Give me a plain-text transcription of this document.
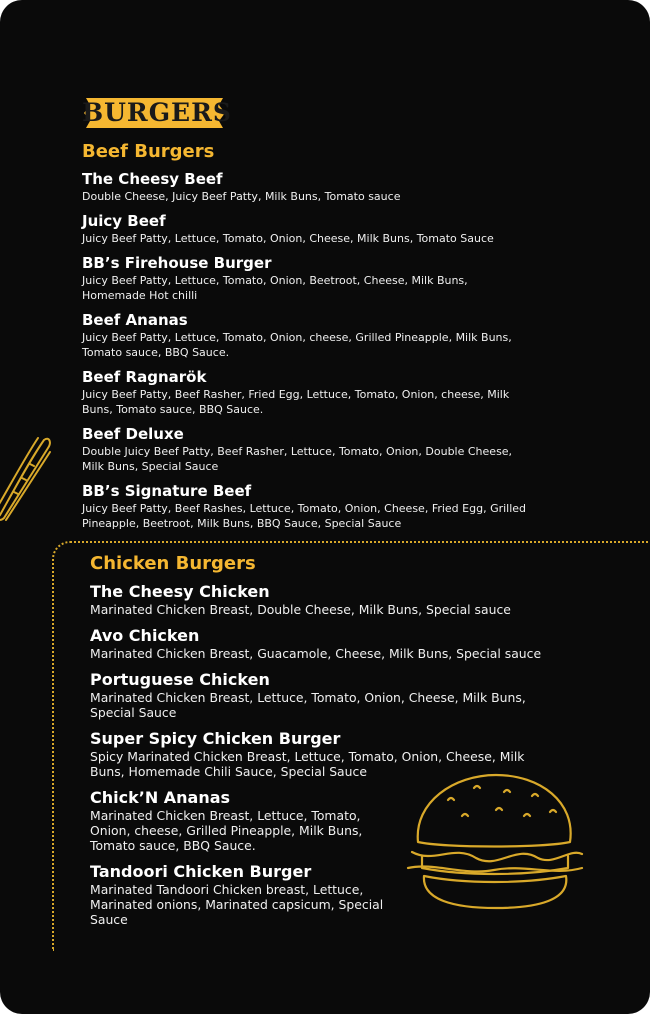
BURGERS
Beef Burgers
The Cheesy Beef
Double Cheese, Juicy Beef Patty, Milk Buns, Tomato sauce
Juicy Beef
Juicy Beef Patty, Lettuce, Tomato, Onion, Cheese, Milk Buns, Tomato Sauce
BB’s Firehouse Burger
Juicy Beef Patty, Lettuce, Tomato, Onion, Beetroot, Cheese, Milk Buns, Homemade Hot chilli
Beef Ananas
Juicy Beef Patty, Lettuce, Tomato, Onion, cheese, Grilled Pineapple, Milk Buns, Tomato sauce, BBQ Sauce.
Beef Ragnarök
Juicy Beef Patty, Beef Rasher, Fried Egg, Lettuce, Tomato, Onion, cheese, Milk Buns, Tomato sauce, BBQ Sauce.
Beef Deluxe
Double Juicy Beef Patty, Beef Rasher, Lettuce, Tomato, Onion, Double Cheese, Milk Buns, Special Sauce
BB’s Signature Beef
Juicy Beef Patty, Beef Rashes, Lettuce, Tomato, Onion, Cheese, Fried Egg, Grilled Pineapple, Beetroot, Milk Buns, BBQ Sauce, Special Sauce
Chicken Burgers
The Cheesy Chicken
Marinated Chicken Breast, Double Cheese, Milk Buns, Special sauce
Avo Chicken
Marinated Chicken Breast, Guacamole, Cheese, Milk Buns, Special sauce
Portuguese Chicken
Marinated Chicken Breast, Lettuce, Tomato, Onion, Cheese, Milk Buns, Special Sauce
Super Spicy Chicken Burger
Spicy Marinated Chicken Breast, Lettuce, Tomato, Onion, Cheese, Milk Buns, Homemade Chili Sauce, Special Sauce
Chick’N Ananas
Marinated Chicken Breast, Lettuce, Tomato, Onion, cheese, Grilled Pineapple, Milk Buns, Tomato sauce, BBQ Sauce.
Tandoori Chicken Burger
Marinated Tandoori Chicken breast, Lettuce, Marinated onions, Marinated capsicum, Special Sauce
